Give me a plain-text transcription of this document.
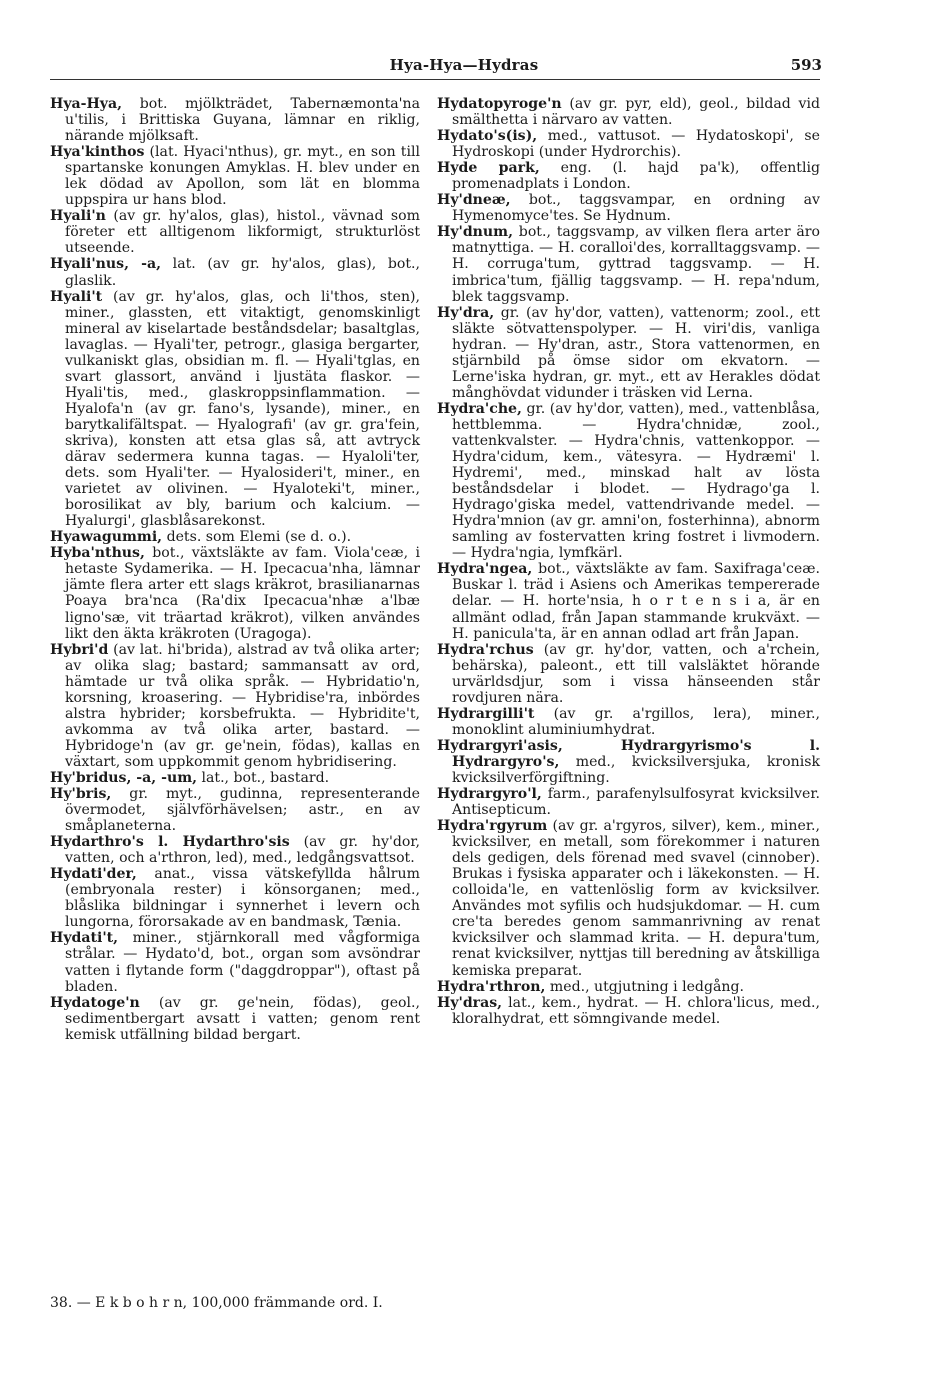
Hya-Hya—Hydras	593

Hya-Hya, bot. mjölkträdet, Tabernæmonta'na u'tilis, i Brittiska Guyana, lämnar en riklig, närande mjölksaft.

Hya'kinthos (lat. Hyaci'nthus), gr. myt., en son till spartanske konungen Amyklas. H. blev under en lek dödad av Apollon, som lät en blomma uppspira ur hans blod.

Hyali'n (av gr. hy'alos, glas), histol., vävnad som företer ett alltigenom likformigt, strukturlöst utseende.

Hyali'nus, -a, lat. (av gr. hy'alos, glas), bot., glaslik.

Hyali't (av gr. hy'alos, glas, och li'thos, sten), miner., glassten, ett vitaktigt, genomskinligt mineral av kiselartade beståndsdelar; basaltglas, lavaglas. — Hyali'ter, petrogr., glasiga bergarter, vulkaniskt glas, obsidian m. fl. — Hyali'tglas, en svart glassort, använd i ljustäta flaskor. — Hyali'tis, med., glaskroppsinflammation. — Hyalofa'n (av gr. fano's, lysande), miner., en barytkalifältspat. — Hyalografi' (av gr. gra'fein, skriva), konsten att etsa glas så, att avtryck därav sedermera kunna tagas. — Hyaloli'ter, dets. som Hyali'ter. — Hyalosideri't, miner., en varietet av olivinen. — Hyaloteki't, miner., borosilikat av bly, barium och kalcium. — Hyalurgi', glasblåsarekonst.

Hyawagummi, dets. som Elemi (se d. o.).

Hyba'nthus, bot., växtsläkte av fam. Viola'ceæ, i hetaste Sydamerika. — H. Ipecacua'nha, lämnar jämte flera arter ett slags kräkrot, brasilianarnas Poaya bra'nca (Ra'dix Ipecacua'nhæ a'lbæ ligno'sæ, vit träartad kräkrot), vilken användes likt den äkta kräkroten (Uragoga).

Hybri'd (av lat. hi'brida), alstrad av två olika arter; av olika slag; bastard; sammansatt av ord, hämtade ur två olika språk. — Hybridatio'n, korsning, kroasering. — Hybridise'ra, inbördes alstra hybrider; korsbefrukta. — Hybridite't, avkomma av två olika arter, bastard. — Hybridoge'n (av gr. ge'nein, födas), kallas en växtart, som uppkommit genom hybridisering.

Hy'bridus, -a, -um, lat., bot., bastard.

Hy'bris, gr. myt., gudinna, representerande övermodet, självförhävelsen; astr., en av småplaneterna.

Hydarthro's l. Hydarthro'sis (av gr. hy'dor, vatten, och a'rthron, led), med., ledgångsvattsot.

Hydati'der, anat., vissa vätskefyllda hålrum (embryonala rester) i könsorganen; med., blåslika bildningar i synnerhet i levern och lungorna, förorsakade av en bandmask, Tænia.

Hydati't, miner., stjärnkorall med vågformiga strålar. — Hydato'd, bot., organ som avsöndrar vatten i flytande form ("daggdroppar"), oftast på bladen.

Hydatoge'n (av gr. ge'nein, födas), geol., sedimentbergart avsatt i vatten; genom rent kemisk utfällning bildad bergart.

Hydatopyroge'n (av gr. pyr, eld), geol., bildad vid smälthetta i närvaro av vatten.

Hydato's(is), med., vattusot. — Hydatoskopi', se Hydroskopi (under Hydrorchis).

Hyde park, eng. (l. hajd pa'k), offentlig promenadplats i London.

Hy'dneæ, bot., taggsvampar, en ordning av Hymenomyce'tes. Se Hydnum.

Hy'dnum, bot., taggsvamp, av vilken flera arter äro matnyttiga. — H. coralloi'des, korralltaggsvamp. — H. corruga'tum, gyttrad taggsvamp. — H. imbrica'tum, fjällig taggsvamp. — H. repa'ndum, blek taggsvamp.

Hy'dra, gr. (av hy'dor, vatten), vattenorm; zool., ett släkte sötvattenspolyper. — H. viri'dis, vanliga hydran. — Hy'dran, astr., Stora vattenormen, en stjärnbild på ömse sidor om ekvatorn. — Lerne'iska hydran, gr. myt., ett av Herakles dödat månghövdat vidunder i träsken vid Lerna.

Hydra'che, gr. (av hy'dor, vatten), med., vattenblåsa, hettblemma. — Hydra'chnidæ, zool., vattenkvalster. — Hydra'chnis, vattenkoppor. — Hydra'cidum, kem., vätesyra. — Hydræmi' l. Hydremi', med., minskad halt av lösta beståndsdelar i blodet. — Hydrago'ga l. Hydrago'giska medel, vattendrivande medel. — Hydra'mnion (av gr. amni'on, fosterhinna), abnorm samling av fostervatten kring fostret i livmodern. — Hydra'ngia, lymfkärl.

Hydra'ngea, bot., växtsläkte av fam. Saxifraga'ceæ. Buskar l. träd i Asiens och Amerikas tempererade delar. — H. horte'nsia, h o r t e n s i a, är en allmänt odlad, från Japan stammande krukväxt. — H. panicula'ta, är en annan odlad art från Japan.

Hydra'rchus (av gr. hy'dor, vatten, och a'rchein, behärska), paleont., ett till valsläktet hörande urvärldsdjur, som i vissa hänseenden står rovdjuren nära.

Hydrargilli't (av gr. a'rgillos, lera), miner., monoklint aluminiumhydrat.

Hydrargyri'asis, Hydrargyrismo's l. Hydrargyro's, med., kvicksilversjuka, kronisk kvicksilverförgiftning.

Hydrargyro'l, farm., parafenylsulfosyrat kvicksilver. Antisepticum.

Hydra'rgyrum (av gr. a'rgyros, silver), kem., miner., kvicksilver, en metall, som förekommer i naturen dels gedigen, dels förenad med svavel (cinnober). Brukas i fysiska apparater och i läkekonsten. — H. colloida'le, en vattenlöslig form av kvicksilver. Användes mot syfilis och hudsjukdomar. — H. cum cre'ta beredes genom sammanrivning av renat kvicksilver och slammad krita. — H. depura'tum, renat kvicksilver, nyttjas till beredning av åtskilliga kemiska preparat.

Hydra'rthron, med., utgjutning i ledgång.

Hy'dras, lat., kem., hydrat. — H. chlora'licus, med., kloralhydrat, ett sömngivande medel.

38. — E k b o h r n, 100,000 främmande ord. I.
